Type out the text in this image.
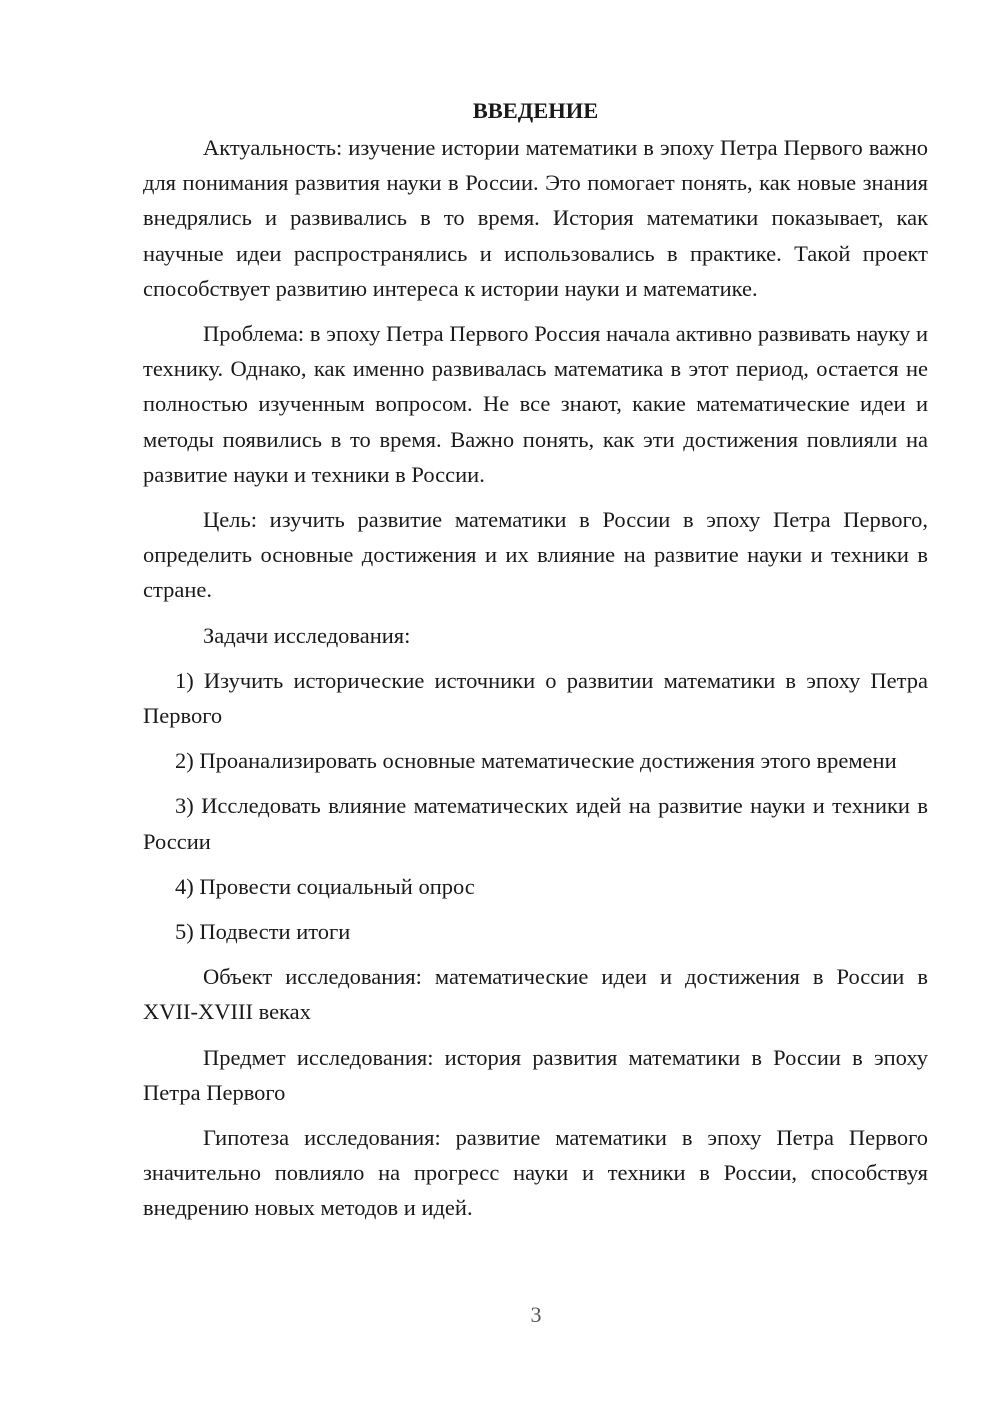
ВВЕДЕНИЕ

Актуальность: изучение истории математики в эпоху Петра Первого важно для понимания развития науки в России. Это помогает понять, как новые знания внедрялись и развивались в то время. История математики показывает, как научные идеи распространялись и использовались в практике. Такой проект способствует развитию интереса к истории науки и математике.

Проблема: в эпоху Петра Первого Россия начала активно развивать науку и технику. Однако, как именно развивалась математика в этот период, остается не полностью изученным вопросом. Не все знают, какие математические идеи и методы появились в то время. Важно понять, как эти достижения повлияли на развитие науки и техники в России.

Цель: изучить развитие математики в России в эпоху Петра Первого, определить основные достижения и их влияние на развитие науки и техники в стране.

Задачи исследования:

1) Изучить исторические источники о развитии математики в эпоху Петра Первого

2) Проанализировать основные математические достижения этого времени

3) Исследовать влияние математических идей на развитие науки и техники в России

4) Провести социальный опрос

5) Подвести итоги

Объект исследования: математические идеи и достижения в России в XVII-XVIII веках

Предмет исследования: история развития математики в России в эпоху Петра Первого

Гипотеза исследования: развитие математики в эпоху Петра Первого значительно повлияло на прогресс науки и техники в России, способствуя внедрению новых методов и идей.

3
